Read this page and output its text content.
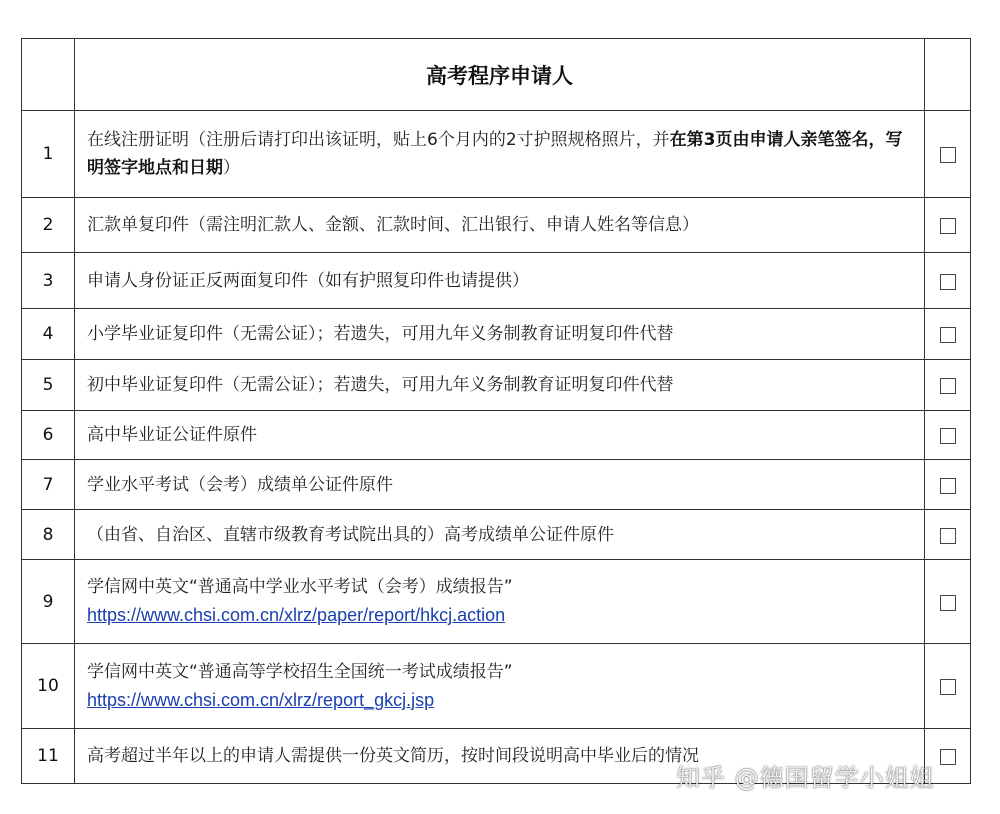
	高考程序申请人	
1	在线注册证明（注册后请打印出该证明，贴上6个月内的2寸护照规格照片，并在第3页由申请人亲笔签名，写明签字地点和日期）	
2	汇款单复印件（需注明汇款人、金额、汇款时间、汇出银行、申请人姓名等信息）	
3	申请人身份证正反两面复印件（如有护照复印件也请提供）	
4	小学毕业证复印件（无需公证）；若遗失，可用九年义务制教育证明复印件代替	
5	初中毕业证复印件（无需公证）；若遗失，可用九年义务制教育证明复印件代替	
6	高中毕业证公证件原件	
7	学业水平考试（会考）成绩单公证件原件	
8	（由省、自治区、直辖市级教育考试院出具的）高考成绩单公证件原件	
9	学信网中英文“普通高中学业水平考试（会考）成绩报告”
https://www.chsi.com.cn/xlrz/paper/report/hkcj.action	
10	学信网中英文“普通高等学校招生全国统一考试成绩报告”
https://www.chsi.com.cn/xlrz/report_gkcj.jsp	
11	高考超过半年以上的申请人需提供一份英文简历，按时间段说明高中毕业后的情况	
知乎 @德国留学小姐姐
